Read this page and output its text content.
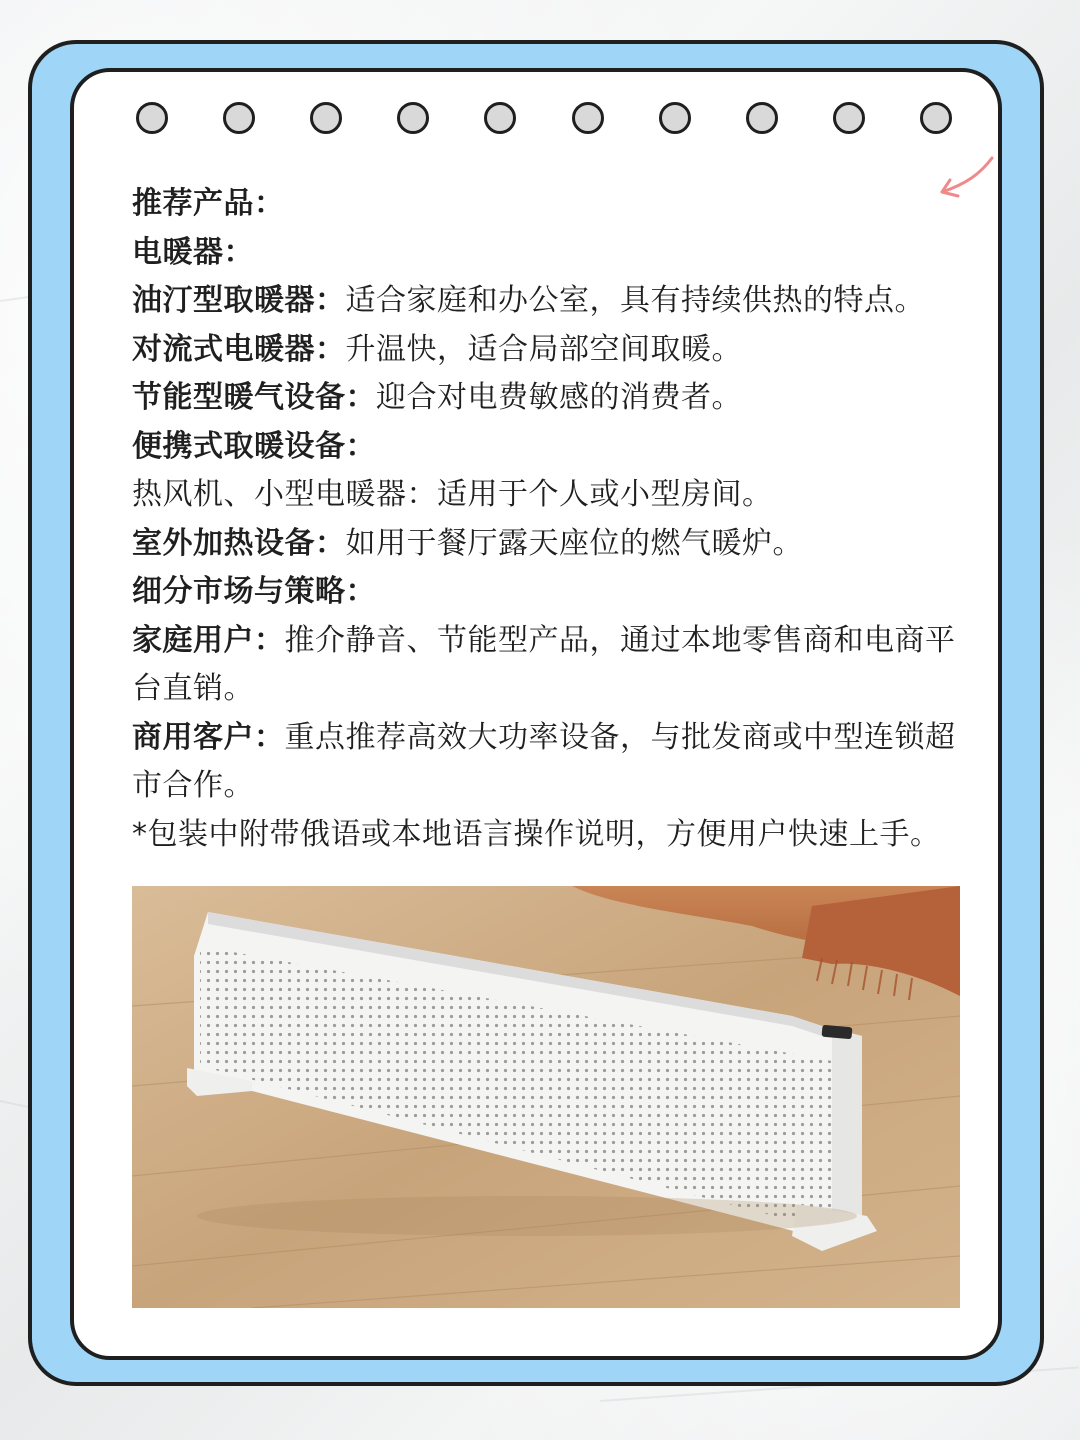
推荐产品：

电暖器：

油汀型取暖器：适合家庭和办公室，具有持续供热的特点。

对流式电暖器：升温快，适合局部空间取暖。

节能型暖气设备：迎合对电费敏感的消费者。

便携式取暖设备：

热风机、小型电暖器：适用于个人或小型房间。

室外加热设备：如用于餐厅露天座位的燃气暖炉。

细分市场与策略：

家庭用户：推介静音、节能型产品，通过本地零售商和电商平台直销。

商用客户：重点推荐高效大功率设备，与批发商或中型连锁超市合作。

*包装中附带俄语或本地语言操作说明，方便用户快速上手。
